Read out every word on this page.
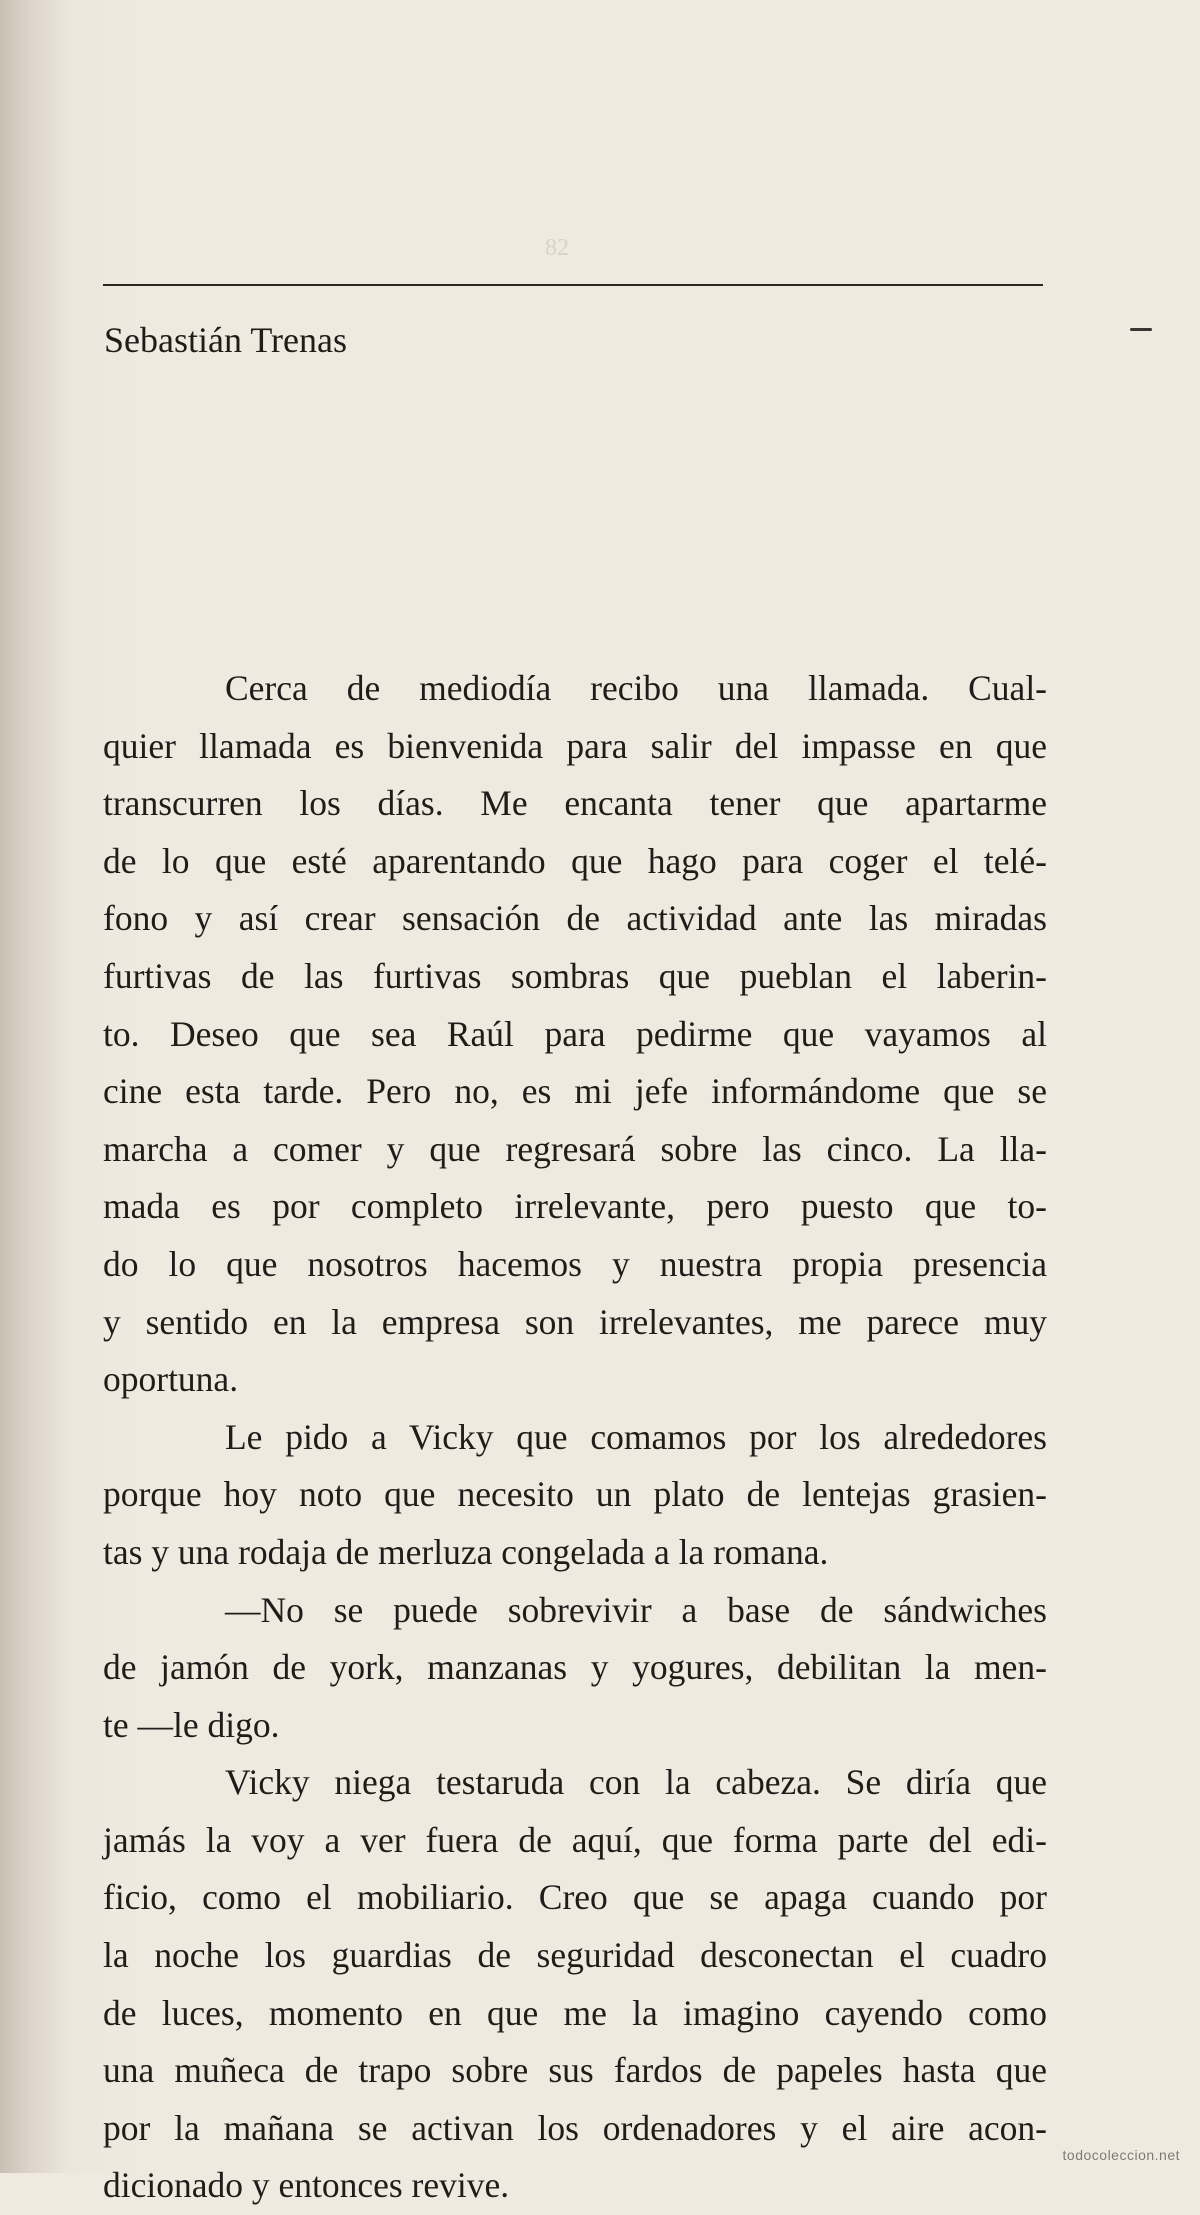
82
Sebastián Trenas
Cerca de mediodía recibo una llamada. Cual-
quier llamada es bienvenida para salir del impasse en que
transcurren los días. Me encanta tener que apartarme
de lo que esté aparentando que hago para coger el telé-
fono y así crear sensación de actividad ante las miradas
furtivas de las furtivas sombras que pueblan el laberin-
to. Deseo que sea Raúl para pedirme que vayamos al
cine esta tarde. Pero no, es mi jefe informándome que se
marcha a comer y que regresará sobre las cinco. La lla-
mada es por completo irrelevante, pero puesto que to-
do lo que nosotros hacemos y nuestra propia presencia
y sentido en la empresa son irrelevantes, me parece muy
oportuna.
Le pido a Vicky que comamos por los alrededores
porque hoy noto que necesito un plato de lentejas grasien-
tas y una rodaja de merluza congelada a la romana.
—No se puede sobrevivir a base de sándwiches
de jamón de york, manzanas y yogures, debilitan la men-
te —le digo.
Vicky niega testaruda con la cabeza. Se diría que
jamás la voy a ver fuera de aquí, que forma parte del edi-
ficio, como el mobiliario. Creo que se apaga cuando por
la noche los guardias de seguridad desconectan el cuadro
de luces, momento en que me la imagino cayendo como
una muñeca de trapo sobre sus fardos de papeles hasta que
por la mañana se activan los ordenadores y el aire acon-
dicionado y entonces revive.
todocoleccion.net
